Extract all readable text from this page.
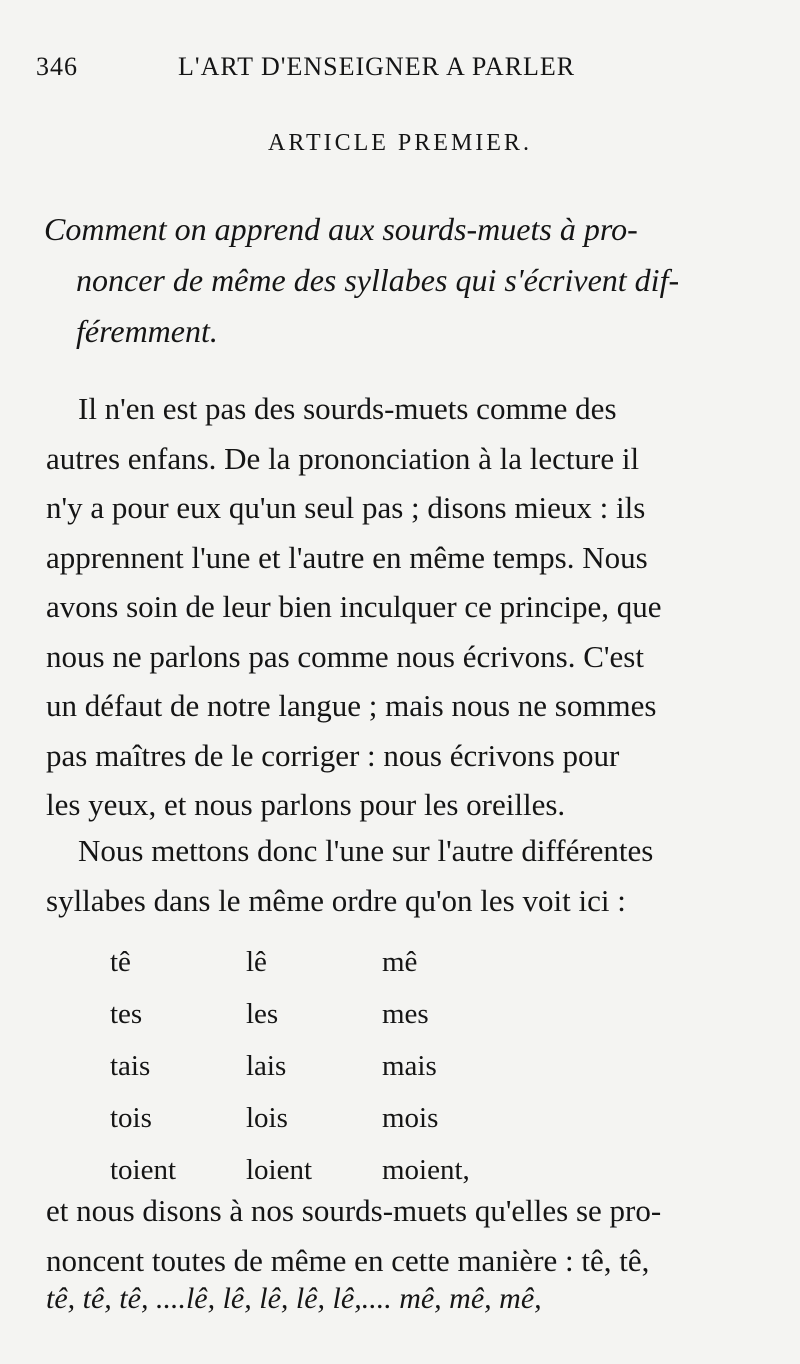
346	L'ART D'ENSEIGNER A PARLER
ARTICLE PREMIER.
Comment on apprend aux sourds-muets à pro-
noncer de même des syllabes qui s'écrivent dif-
féremment.
Il n'en est pas des sourds-muets comme des
autres enfans. De la prononciation à la lecture il
n'y a pour eux qu'un seul pas ; disons mieux : ils
apprennent l'une et l'autre en même temps. Nous
avons soin de leur bien inculquer ce principe, que
nous ne parlons pas comme nous écrivons. C'est
un défaut de notre langue ; mais nous ne sommes
pas maîtres de le corriger : nous écrivons pour
les yeux, et nous parlons pour les oreilles.
Nous mettons donc l'une sur l'autre différentes
syllabes dans le même ordre qu'on les voit ici :
tê	lê	mê
tes	les	mes
tais	lais	mais
tois	lois	mois
toient loient moient,
et nous disons à nos sourds-muets qu'elles se pro-
noncent toutes de même en cette manière : tê, tê,
tê, tê, tê, ....lê, lê, lê, lê, lê,.... mê, mê, mê,
